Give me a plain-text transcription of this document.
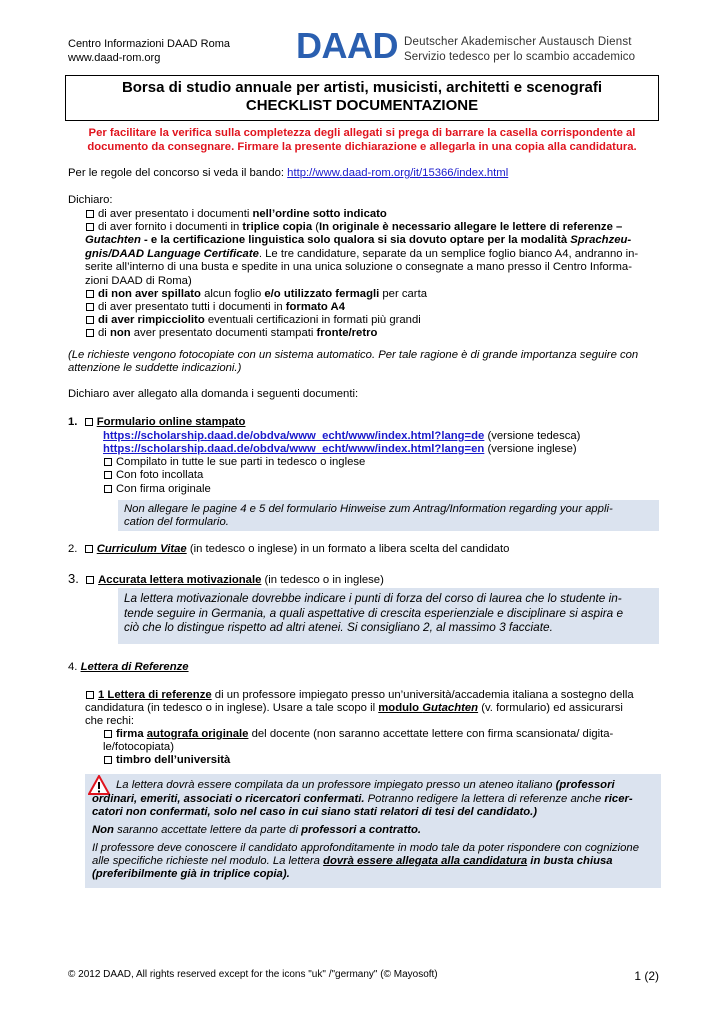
Centro Informazioni DAAD Roma
www.daad-rom.org	DAAD Deutscher Akademischer Austausch Dienst
Servizio tedesco per lo scambio accademico
Borsa di studio annuale per artisti, musicisti, architetti e scenografi
CHECKLIST DOCUMENTAZIONE
Per facilitare la verifica sulla completezza degli allegati si prega di barrare la casella corrispondente al
documento da consegnare. Firmare la presente dichiarazione e allegarla in una copia alla candidatura.
Per le regole del concorso si veda il bando: http://www.daad-rom.org/it/15366/index.html
Dichiaro:
di aver presentato i documenti nell’ordine sotto indicato
di aver fornito i documenti in triplice copia (In originale è necessario allegare le lettere di referenze –
Gutachten - e la certificazione linguistica solo qualora si sia dovuto optare per la modalità Sprachzeu-
gnis/DAAD Language Certificate. Le tre candidature, separate da un semplice foglio bianco A4, andranno in-
serite all’interno di una busta e spedite in una unica soluzione o consegnate a mano presso il Centro Informa-
zioni DAAD di Roma)
di non aver spillato alcun foglio e/o utilizzato fermagli per carta
di aver presentato tutti i documenti in formato A4
di aver rimpicciolito eventuali certificazioni in formati più grandi
di non aver presentato documenti stampati fronte/retro
(Le richieste vengono fotocopiate con un sistema automatico. Per tale ragione è di grande importanza seguire con
attenzione le suddette indicazioni.)
Dichiaro aver allegato alla domanda i seguenti documenti:
1. Formulario online stampato
https://scholarship.daad.de/obdva/www_echt/www/index.html?lang=de (versione tedesca)
https://scholarship.daad.de/obdva/www_echt/www/index.html?lang=en (versione inglese)
Compilato in tutte le sue parti in tedesco o inglese
Con foto incollata
Con firma originale
Non allegare le pagine 4 e 5 del formulario Hinweise zum Antrag/Information regarding your appli-
cation del formulario.
2. Curriculum Vitae (in tedesco o inglese) in un formato a libera scelta del candidato
3. Accurata lettera motivazionale (in tedesco o in inglese)
La lettera motivazionale dovrebbe indicare i punti di forza del corso di laurea che lo studente in-
tende seguire in Germania, a quali aspettative di crescita esperienziale e disciplinare si aspira e
ciò che lo distingue rispetto ad altri atenei. Si consigliano 2, al massimo 3 facciate.
4. Lettera di Referenze
1 Lettera di referenze di un professore impiegato presso un’università/accademia italiana a sostegno della
candidatura (in tedesco o in inglese). Usare a tale scopo il modulo Gutachten (v. formulario) ed assicurarsi
che rechi:
firma autografa originale del docente (non saranno accettate lettere con firma scansionata/ digita-
le/fotocopiata)
timbro dell’università
La lettera dovrà essere compilata da un professore impiegato presso un ateneo italiano (professori
ordinari, emeriti, associati o ricercatori confermati. Potranno redigere la lettera di referenze anche ricer-
catori non confermati, solo nel caso in cui siano stati relatori di tesi del candidato.)
Non saranno accettate lettere da parte di professori a contratto.
Il professore deve conoscere il candidato approfonditamente in modo tale da poter rispondere con cognizione
alle specifiche richieste nel modulo. La lettera dovrà essere allegata alla candidatura in busta chiusa
(preferibilmente già in triplice copia).
© 2012 DAAD, All rights reserved except for the icons "uk" /"germany" (© Mayosoft)	1 (2)
